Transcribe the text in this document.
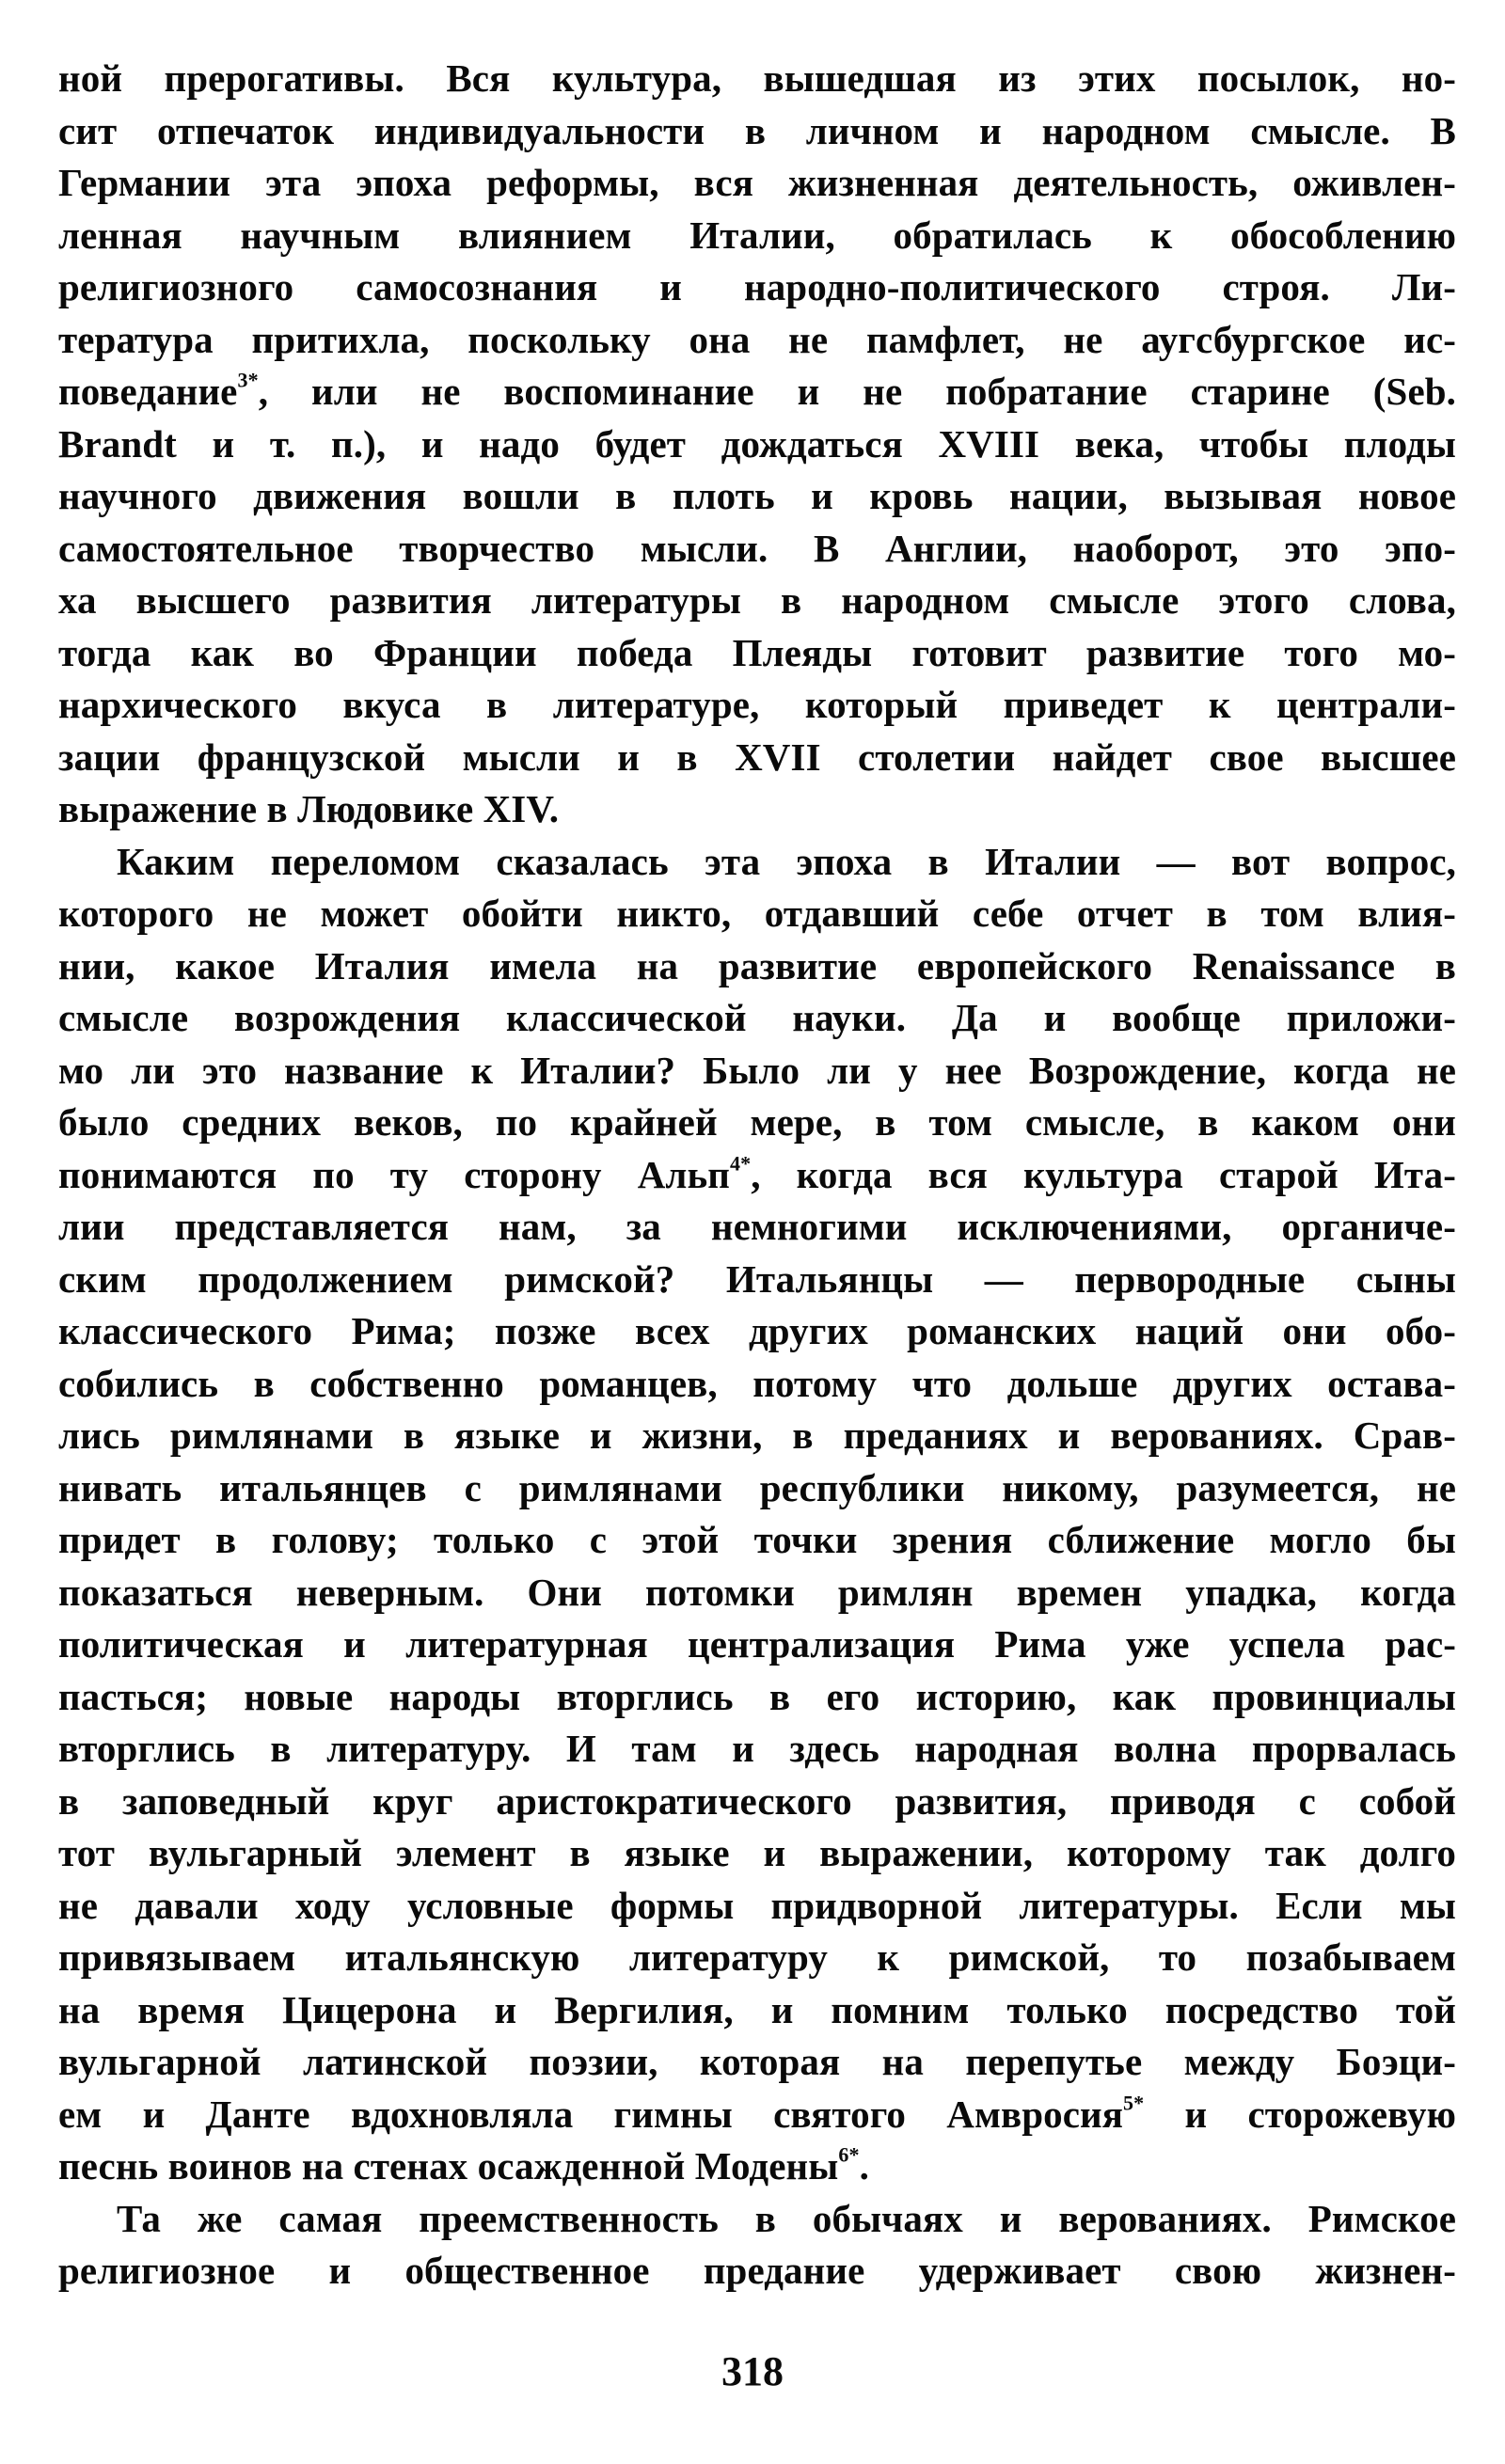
ной прерогативы. Вся культура, вышедшая из этих посылок, но-
сит отпечаток индивидуальности в личном и народном смысле. В
Германии эта эпоха реформы, вся жизненная деятельность, оживлен-
ленная научным влиянием Италии, обратилась к обособлению
религиозного самосознания и народно-политического строя. Ли-
тература притихла, поскольку она не памфлет, не аугсбургское ис-
поведание$^{3*}$, или не воспоминание и не побратание старине (Seb.
Brandt и т. п.), и надо будет дождаться XVIII века, чтобы плоды
научного движения вошли в плоть и кровь нации, вызывая новое
самостоятельное творчество мысли. В Англии, наоборот, это эпо-
ха высшего развития литературы в народном смысле этого слова,
тогда как во Франции победа Плеяды готовит развитие того мо-
нархического вкуса в литературе, который приведет к централи-
зации французской мысли и в XVII столетии найдет свое высшее
выражение в Людовике XIV.
Каким переломом сказалась эта эпоха в Италии — вот вопрос,
которого не может обойти никто, отдавший себе отчет в том влия-
нии, какое Италия имела на развитие европейского Renaissance в
смысле возрождения классической науки. Да и вообще приложи-
мо ли это название к Италии? Было ли у нее Возрождение, когда не
было средних веков, по крайней мере, в том смысле, в каком они
понимаются по ту сторону Альп$^{4*}$, когда вся культура старой Ита-
лии представляется нам, за немногими исключениями, органиче-
ским продолжением римской? Итальянцы — первородные сыны
классического Рима; позже всех других романских наций они обо-
собились в собственно романцев, потому что дольше других остава-
лись римлянами в языке и жизни, в преданиях и верованиях. Срав-
нивать итальянцев с римлянами республики никому, разумеется, не
придет в голову; только с этой точки зрения сближение могло бы
показаться неверным. Они потомки римлян времен упадка, когда
политическая и литературная централизация Рима уже успела рас-
пасться; новые народы вторглись в его историю, как провинциалы
вторглись в литературу. И там и здесь народная волна прорвалась
в заповедный круг аристократического развития, приводя с собой
тот вульгарный элемент в языке и выражении, которому так долго
не давали ходу условные формы придворной литературы. Если мы
привязываем итальянскую литературу к римской, то позабываем
на время Цицерона и Вергилия, и помним только посредство той
вульгарной латинской поэзии, которая на перепутье между Боэци-
ем и Данте вдохновляла гимны святого Амвросия$^{5*}$ и сторожевую
песнь воинов на стенах осажденной Модены$^{6*}$.
Та же самая преемственность в обычаях и верованиях. Римское
религиозное и общественное предание удерживает свою жизнен-
318
